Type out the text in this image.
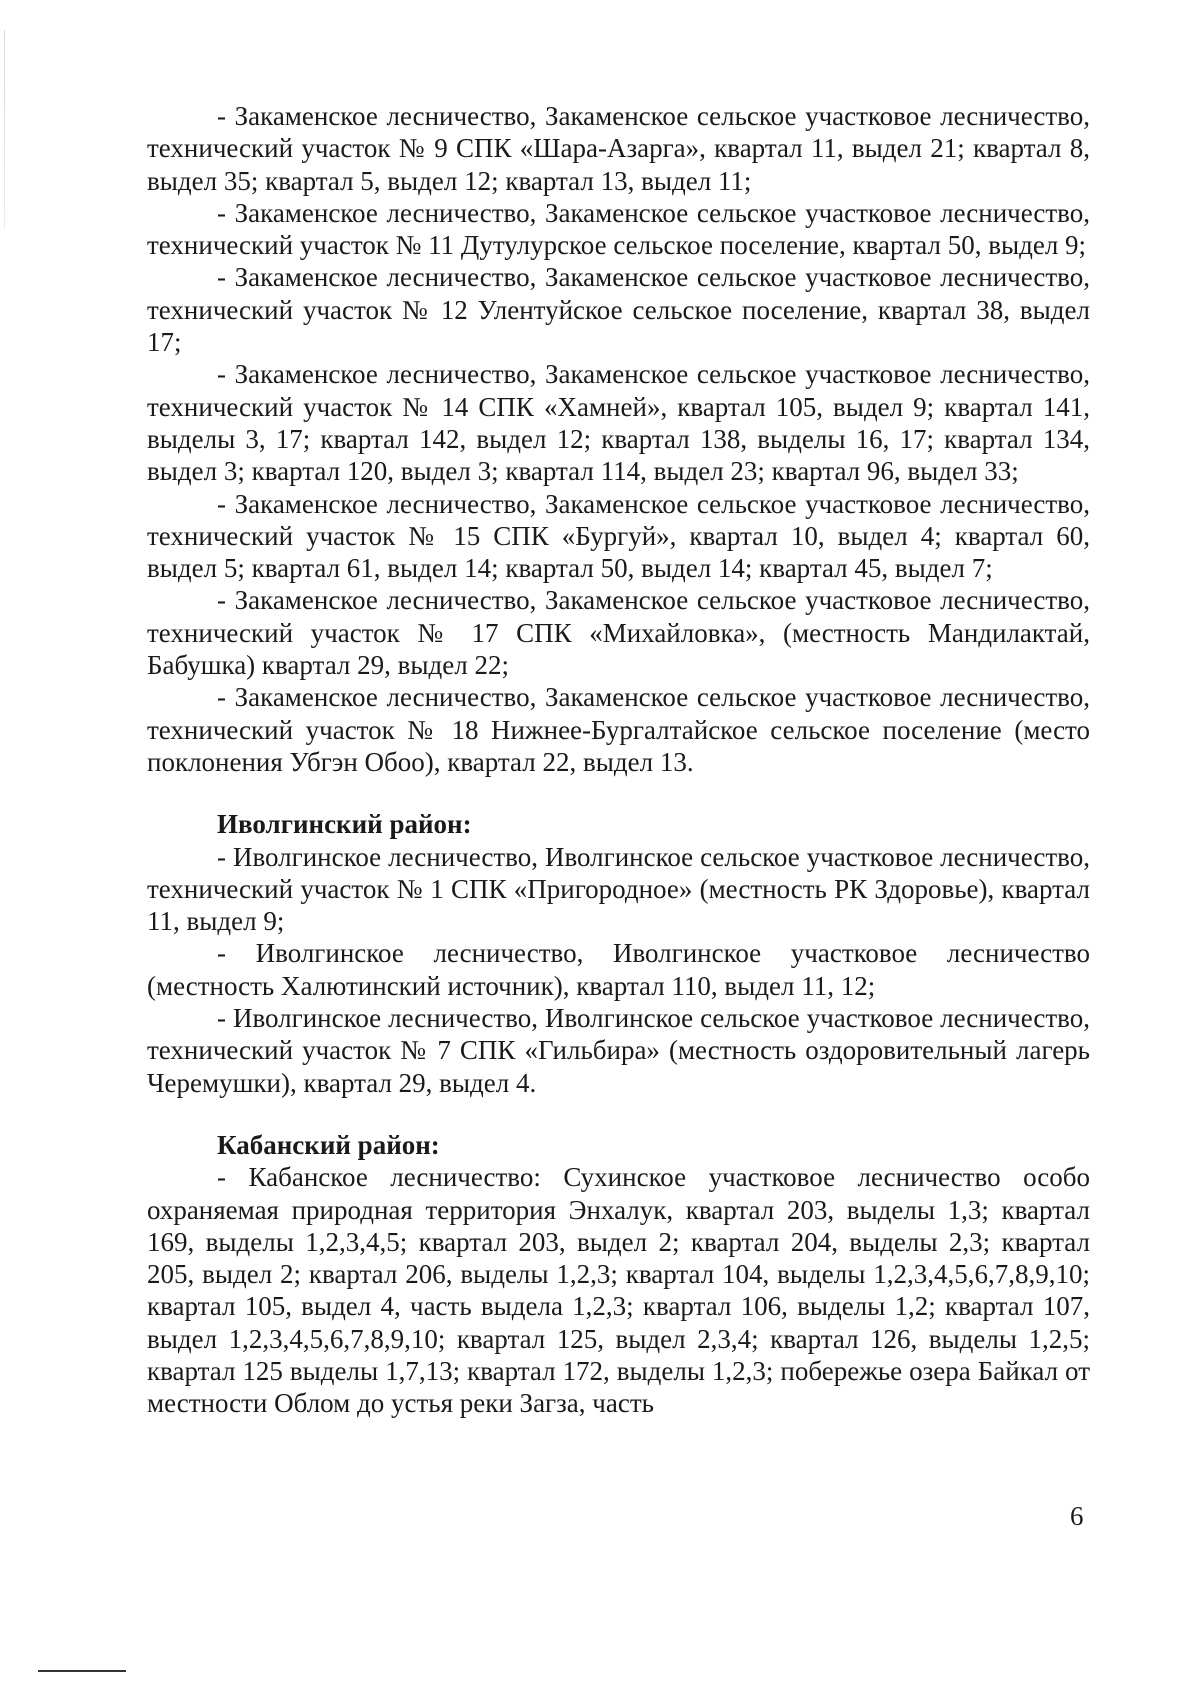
- Закаменское лесничество, Закаменское сельское участковое лесничество, технический участок № 9 СПК «Шара-Азарга», квартал 11, выдел 21; квартал 8, выдел 35; квартал 5, выдел 12; квартал 13, выдел 11;

- Закаменское лесничество, Закаменское сельское участковое лесничество, технический участок № 11 Дутулурское сельское поселение, квартал 50, выдел 9;

- Закаменское лесничество, Закаменское сельское участковое лесничество, технический участок № 12 Улентуйское сельское поселение, квартал 38, выдел 17;

- Закаменское лесничество, Закаменское сельское участковое лесничество, технический участок № 14 СПК «Хамней», квартал 105, выдел 9; квартал 141, выделы 3, 17; квартал 142, выдел 12; квартал 138, выделы 16, 17; квартал 134, выдел 3; квартал 120, выдел 3; квартал 114, выдел 23; квартал 96, выдел 33;

- Закаменское лесничество, Закаменское сельское участковое лесничество, технический участок № 15 СПК «Бургуй», квартал 10, выдел 4; квартал 60, выдел 5; квартал 61, выдел 14; квартал 50, выдел 14; квартал 45, выдел 7;

- Закаменское лесничество, Закаменское сельское участковое лесничество, технический участок № 17 СПК «Михайловка», (местность Мандилактай, Бабушка) квартал 29, выдел 22;

- Закаменское лесничество, Закаменское сельское участковое лесничество, технический участок № 18 Нижнее-Бургалтайское сельское поселение (место поклонения Убгэн Обоо), квартал 22, выдел 13.

Иволгинский район:

- Иволгинское лесничество, Иволгинское сельское участковое лесничество, технический участок № 1 СПК «Пригородное» (местность РК Здоровье), квартал 11, выдел 9;

- Иволгинское лесничество, Иволгинское участковое лесничество (местность Халютинский источник), квартал 110, выдел 11, 12;

- Иволгинское лесничество, Иволгинское сельское участковое лесничество, технический участок № 7 СПК «Гильбира» (местность оздоровительный лагерь Черемушки), квартал 29, выдел 4.

Кабанский район:

- Кабанское лесничество: Сухинское участковое лесничество особо охраняемая природная территория Энхалук, квартал 203, выделы 1,3; квартал 169, выделы 1,2,3,4,5; квартал 203, выдел 2; квартал 204, выделы 2,3; квартал 205, выдел 2; квартал 206, выделы 1,2,3; квартал 104, выделы 1,2,3,4,5,6,7,8,9,10; квартал 105, выдел 4, часть выдела 1,2,3; квартал 106, выделы 1,2; квартал 107, выдел 1,2,3,4,5,6,7,8,9,10; квартал 125, выдел 2,3,4; квартал 126, выделы 1,2,5; квартал 125 выделы 1,7,13; квартал 172, выделы 1,2,3; побережье озера Байкал от местности Облом до устья реки Загза, часть

6
